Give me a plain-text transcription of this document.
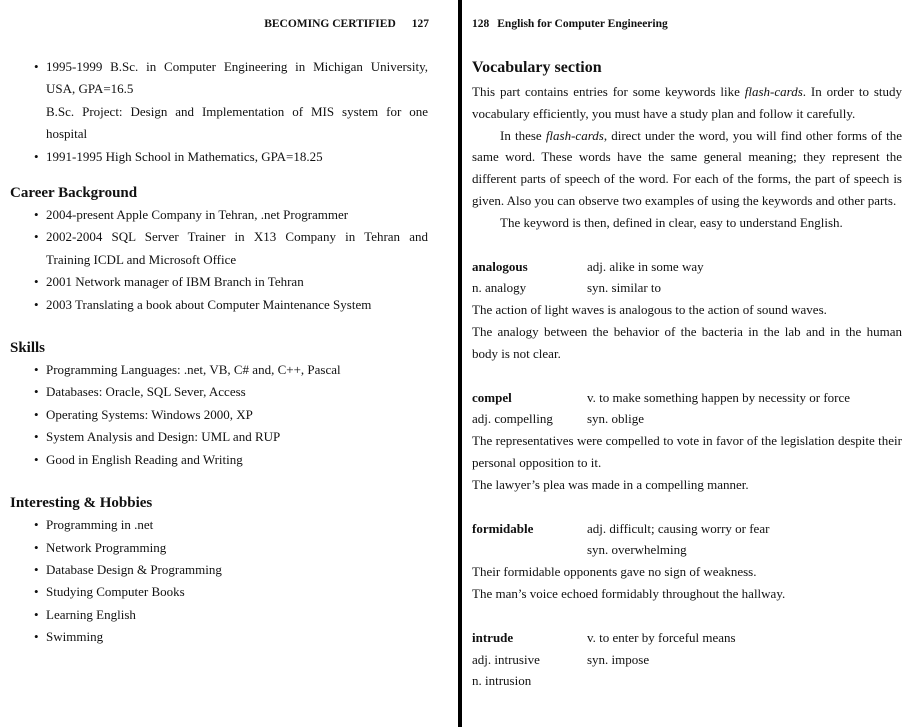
BECOMING CERTIFIED 127
• 1995-1999 B.Sc. in Computer Engineering in Michigan University,
USA, GPA=16.5
B.Sc. Project: Design and Implementation of MIS system for one
hospital
• 1991-1995 High School in Mathematics, GPA=18.25
Career Background
• 2004-present Apple Company in Tehran, .net Programmer
• 2002-2004 SQL Server Trainer in X13 Company in Tehran and
Training ICDL and Microsoft Office
• 2001 Network manager of IBM Branch in Tehran
• 2003 Translating a book about Computer Maintenance System
Skills
• Programming Languages: .net, VB, C# and, C++, Pascal
• Databases: Oracle, SQL Sever, Access
• Operating Systems: Windows 2000, XP
• System Analysis and Design: UML and RUP
• Good in English Reading and Writing
Interesting & Hobbies
• Programming in .net
• Network Programming
• Database Design & Programming
• Studying Computer Books
• Learning English
• Swimming
128 English for Computer Engineering
Vocabulary section
This part contains entries for some keywords like flash-cards. In order to study vocabulary efficiently, you must have a study plan and follow it carefully.
In these flash-cards, direct under the word, you will find other forms of the same word. These words have the same general meaning; they represent the different parts of speech of the word. For each of the forms, the part of speech is given. Also you can observe two examples of using the keywords and other parts.
The keyword is then, defined in clear, easy to understand English.
analogous	adj. alike in some way
n. analogy	syn. similar to
The action of light waves is analogous to the action of sound waves.
The analogy between the behavior of the bacteria in the lab and in the human body is not clear.
compel	v. to make something happen by necessity or force
adj. compelling	syn. oblige
The representatives were compelled to vote in favor of the legislation despite their personal opposition to it.
The lawyer’s plea was made in a compelling manner.
formidable	adj. difficult; causing worry or fear
syn. overwhelming
Their formidable opponents gave no sign of weakness.
The man’s voice echoed formidably throughout the hallway.
intrude	v. to enter by forceful means
adj. intrusive	syn. impose
n. intrusion
